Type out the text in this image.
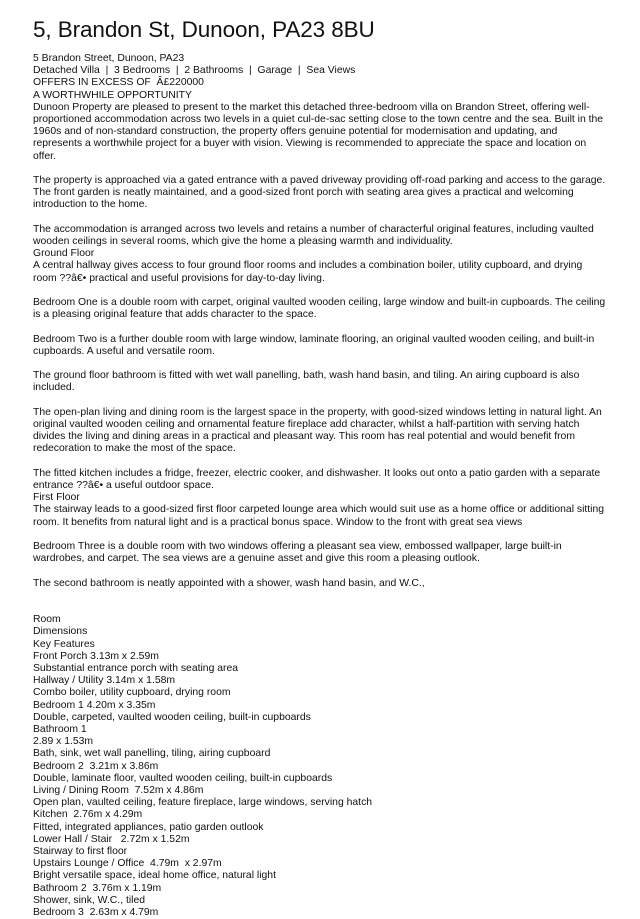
5, Brandon St, Dunoon, PA23 8BU

5 Brandon Street, Dunoon, PA23

Detached Villa  |  3 Bedrooms  |  2 Bathrooms  |  Garage  |  Sea Views

OFFERS IN EXCESS OF  Â£220000

A WORTHWHILE OPPORTUNITY

Dunoon Property are pleased to present to the market this detached three-bedroom villa on Brandon Street, offering well-proportioned accommodation across two levels in a quiet cul-de-sac setting close to the town centre and the sea. Built in the 1960s and of non-standard construction, the property offers genuine potential for modernisation and updating, and represents a worthwhile project for a buyer with vision. Viewing is recommended to appreciate the space and location on offer.

The property is approached via a gated entrance with a paved driveway providing off-road parking and access to the garage. The front garden is neatly maintained, and a good-sized front porch with seating area gives a practical and welcoming introduction to the home.

The accommodation is arranged across two levels and retains a number of characterful original features, including vaulted wooden ceilings in several rooms, which give the home a pleasing warmth and individuality.

Ground Floor

A central hallway gives access to four ground floor rooms and includes a combination boiler, utility cupboard, and drying room ??â€• practical and useful provisions for day-to-day living.

Bedroom One is a double room with carpet, original vaulted wooden ceiling, large window and built-in cupboards. The ceiling is a pleasing original feature that adds character to the space.

Bedroom Two is a further double room with large window, laminate flooring, an original vaulted wooden ceiling, and built-in cupboards. A useful and versatile room.

The ground floor bathroom is fitted with wet wall panelling, bath, wash hand basin, and tiling. An airing cupboard is also included.

The open-plan living and dining room is the largest space in the property, with good-sized windows letting in natural light. An original vaulted wooden ceiling and ornamental feature fireplace add character, whilst a half-partition with serving hatch divides the living and dining areas in a practical and pleasant way. This room has real potential and would benefit from redecoration to make the most of the space.

The fitted kitchen includes a fridge, freezer, electric cooker, and dishwasher. It looks out onto a patio garden with a separate entrance ??â€• a useful outdoor space.

First Floor

The stairway leads to a good-sized first floor carpeted lounge area which would suit use as a home office or additional sitting room. It benefits from natural light and is a practical bonus space. Window to the front with great sea views

Bedroom Three is a double room with two windows offering a pleasant sea view, embossed wallpaper, large built-in wardrobes, and carpet. The sea views are a genuine asset and give this room a pleasing outlook.

The second bathroom is neatly appointed with a shower, wash hand basin, and W.C.,

Room

Dimensions

Key Features

Front Porch 3.13m x 2.59m

Substantial entrance porch with seating area

Hallway / Utility 3.14m x 1.58m

Combo boiler, utility cupboard, drying room

Bedroom 1 4.20m x 3.35m

Double, carpeted, vaulted wooden ceiling, built-in cupboards

Bathroom 1

2.89 x 1.53m

Bath, sink, wet wall panelling, tiling, airing cupboard

Bedroom 2  3.21m x 3.86m

Double, laminate floor, vaulted wooden ceiling, built-in cupboards

Living / Dining Room  7.52m x 4.86m

Open plan, vaulted ceiling, feature fireplace, large windows, serving hatch

Kitchen  2.76m x 4.29m

Fitted, integrated appliances, patio garden outlook

Lower Hall / Stair   2.72m x 1.52m

Stairway to first floor

Upstairs Lounge / Office  4.79m  x 2.97m

Bright versatile space, ideal home office, natural light

Bathroom 2  3.76m x 1.19m

Shower, sink, W.C., tiled

Bedroom 3  2.63m x 4.79m
